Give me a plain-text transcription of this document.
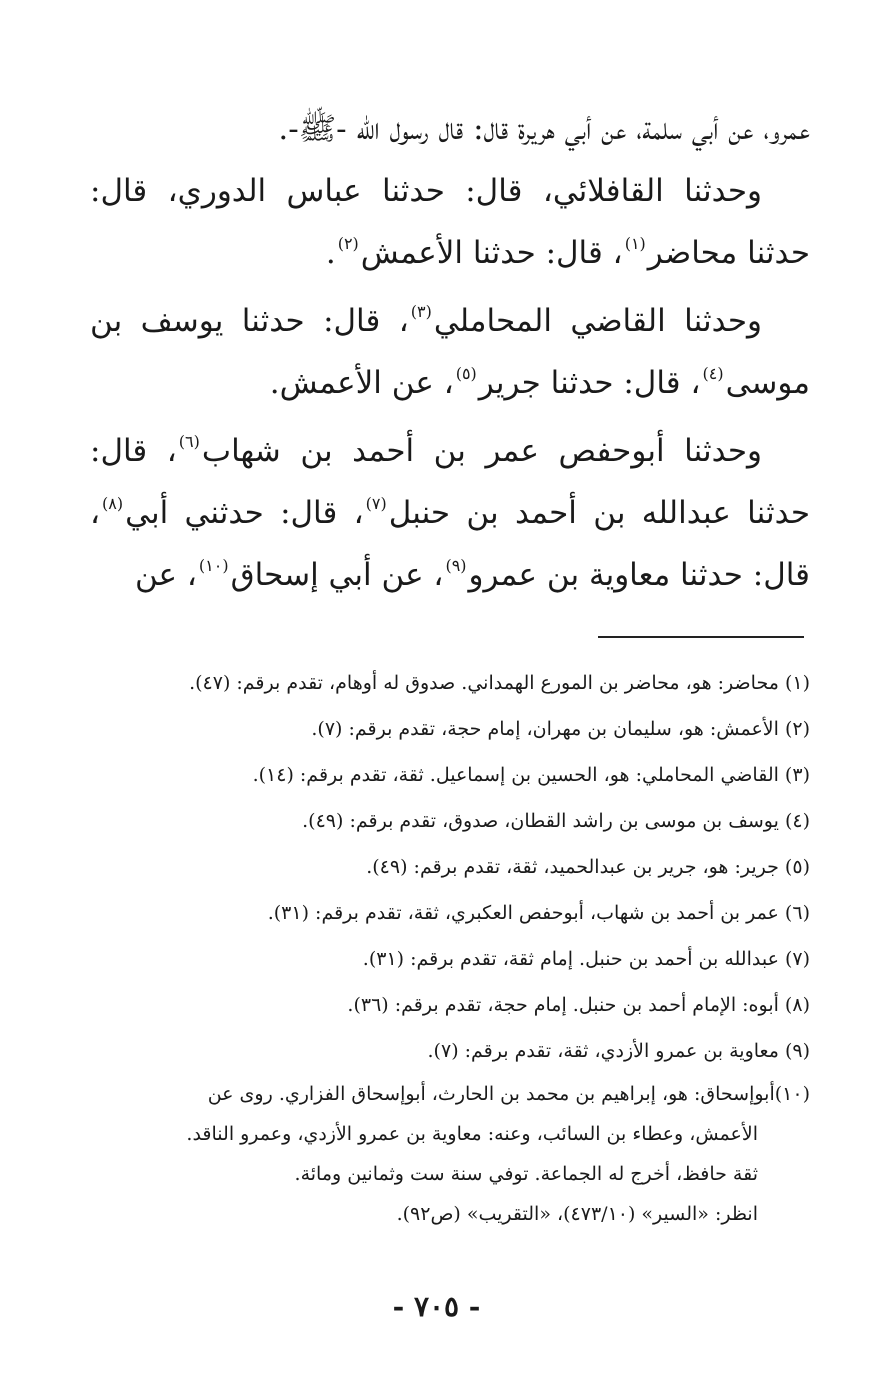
عمرو، عن أبي سلمة، عن أبي هريرة قال: قال رسول الله -ﷺ-.

وحدثنا القافلائي، قال: حدثنا عباس الدوري، قال: حدثنا محاضر$^{(١)}$، قال: حدثنا الأعمش$^{(٢)}$.

وحدثنا القاضي المحاملي$^{(٣)}$، قال: حدثنا يوسف بن موسى$^{(٤)}$، قال: حدثنا جرير$^{(٥)}$، عن الأعمش.

وحدثنا أبوحفص عمر بن أحمد بن شهاب$^{(٦)}$، قال: حدثنا عبدالله بن أحمد بن حنبل$^{(٧)}$، قال: حدثني أبي$^{(٨)}$، قال: حدثنا معاوية بن عمرو$^{(٩)}$، عن أبي إسحاق$^{(١٠)}$، عن

(١) محاضر: هو، محاضر بن المورع الهمداني. صدوق له أوهام، تقدم برقم: (٤٧).

(٢) الأعمش: هو، سليمان بن مهران، إمام حجة، تقدم برقم: (٧).

(٣) القاضي المحاملي: هو، الحسين بن إسماعيل. ثقة، تقدم برقم: (١٤).

(٤) يوسف بن موسى بن راشد القطان، صدوق، تقدم برقم: (٤٩).

(٥) جرير: هو، جرير بن عبدالحميد، ثقة، تقدم برقم: (٤٩).

(٦) عمر بن أحمد بن شهاب، أبوحفص العكبري، ثقة، تقدم برقم: (٣١).

(٧) عبدالله بن أحمد بن حنبل. إمام ثقة، تقدم برقم: (٣١).

(٨) أبوه: الإمام أحمد بن حنبل. إمام حجة، تقدم برقم: (٣٦).

(٩) معاوية بن عمرو الأزدي، ثقة، تقدم برقم: (٧).

(١٠)أبوإسحاق: هو، إبراهيم بن محمد بن الحارث، أبوإسحاق الفزاري. روى عن

الأعمش، وعطاء بن السائب، وعنه: معاوية بن عمرو الأزدي، وعمرو الناقد.

ثقة حافظ، أخرج له الجماعة. توفي سنة ست وثمانين ومائة.

انظر: «السير» (٤٧٣/١٠)، «التقريب» (ص٩٢).

- ٧٠٥ -
